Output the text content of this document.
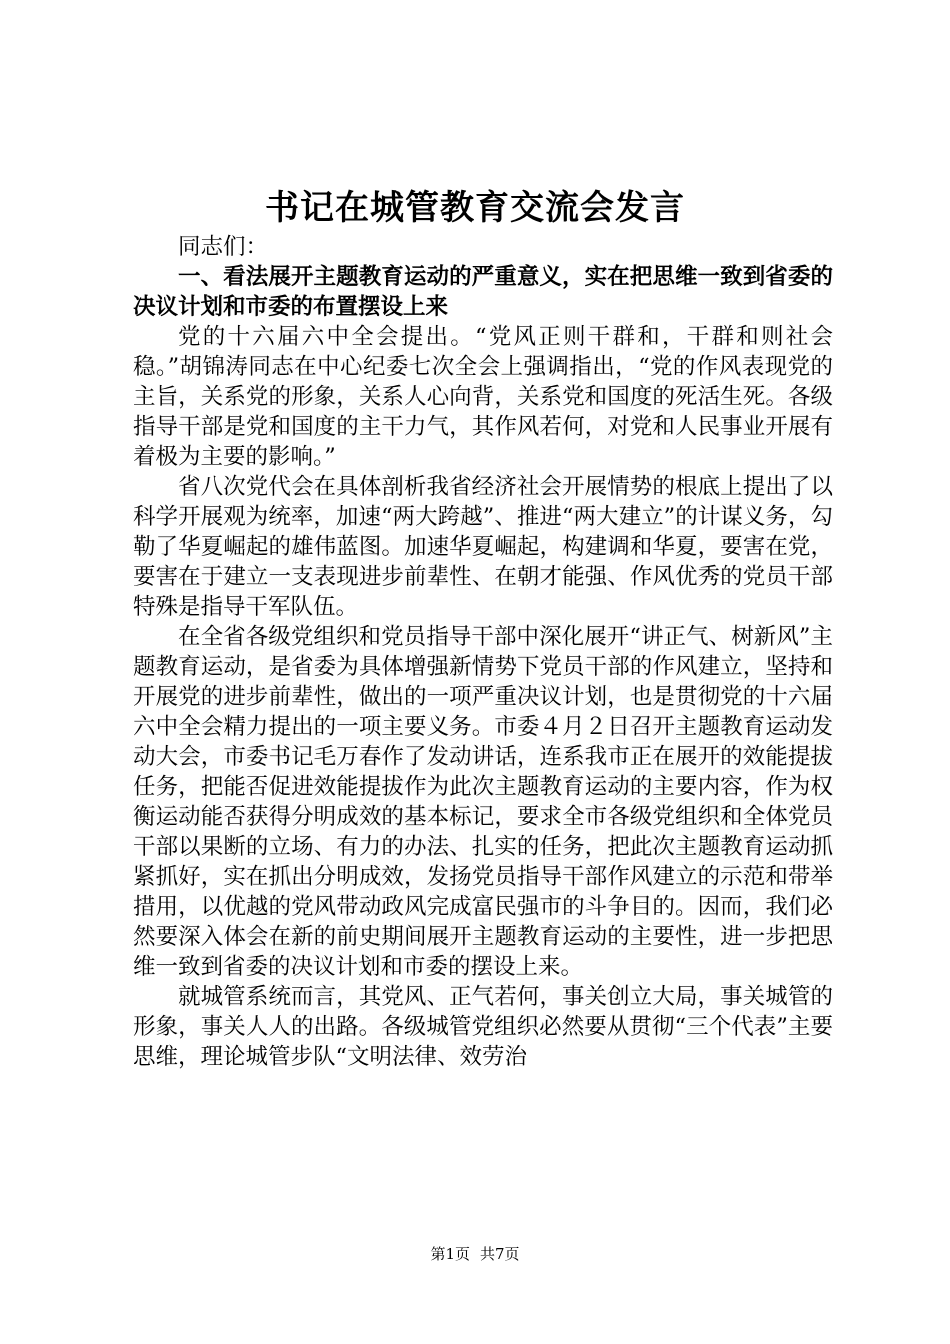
书记在城管教育交流会发言

同志们：

一、看法展开主题教育运动的严重意义，实在把思维一致到省委的决议计划和市委的布置摆设上来

党的十六届六中全会提出。“党风正则干群和，干群和则社会稳。”胡锦涛同志在中心纪委七次全会上强调指出，“党的作风表现党的主旨，关系党的形象，关系人心向背，关系党和国度的死活生死。各级指导干部是党和国度的主干力气，其作风若何，对党和人民事业开展有着极为主要的影响。”

省八次党代会在具体剖析我省经济社会开展情势的根底上提出了以科学开展观为统率，加速“两大跨越”、推进“两大建立”的计谋义务，勾勒了华夏崛起的雄伟蓝图。加速华夏崛起，构建调和华夏，要害在党，要害在于建立一支表现进步前辈性、在朝才能强、作风优秀的党员干部特殊是指导干军队伍。

在全省各级党组织和党员指导干部中深化展开“讲正气、树新风”主题教育运动，是省委为具体增强新情势下党员干部的作风建立，坚持和开展党的进步前辈性，做出的一项严重决议计划，也是贯彻党的十六届六中全会精力提出的一项主要义务。市委４月２日召开主题教育运动发动大会，市委书记毛万春作了发动讲话，连系我市正在展开的效能提拔任务，把能否促进效能提拔作为此次主题教育运动的主要内容，作为权衡运动能否获得分明成效的基本标记，要求全市各级党组织和全体党员干部以果断的立场、有力的办法、扎实的任务，把此次主题教育运动抓紧抓好，实在抓出分明成效，发扬党员指导干部作风建立的示范和带举措用，以优越的党风带动政风完成富民强市的斗争目的。因而，我们必然要深入体会在新的前史期间展开主题教育运动的主要性，进一步把思维一致到省委的决议计划和市委的摆设上来。

就城管系统而言，其党风、正气若何，事关创立大局，事关城管的形象，事关人人的出路。各级城管党组织必然要从贯彻“三个代表”主要思维，理论城管步队“文明法律、效劳治

第1页 共7页
